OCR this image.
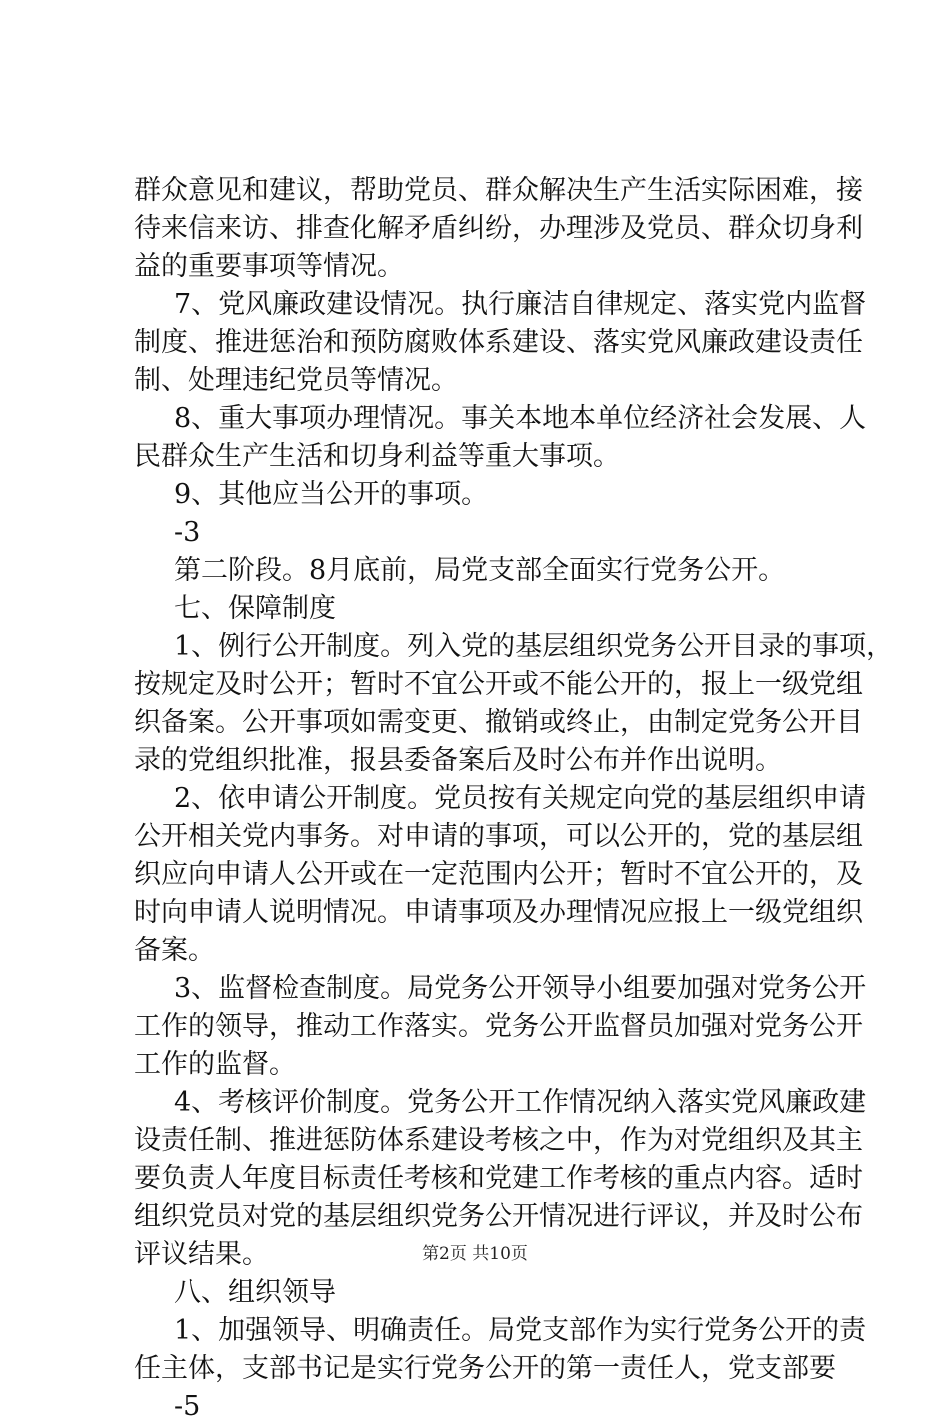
群众意见和建议，帮助党员、群众解决生产生活实际困难，接
待来信来访、排查化解矛盾纠纷，办理涉及党员、群众切身利
益的重要事项等情况。
7、党风廉政建设情况。执行廉洁自律规定、落实党内监督
制度、推进惩治和预防腐败体系建设、落实党风廉政建设责任
制、处理违纪党员等情况。
8、重大事项办理情况。事关本地本单位经济社会发展、人
民群众生产生活和切身利益等重大事项。
9、其他应当公开的事项。
-3
第二阶段。8月底前，局党支部全面实行党务公开。
七、保障制度
1、例行公开制度。列入党的基层组织党务公开目录的事项，
按规定及时公开；暂时不宜公开或不能公开的，报上一级党组
织备案。公开事项如需变更、撤销或终止，由制定党务公开目
录的党组织批准，报县委备案后及时公布并作出说明。
2、依申请公开制度。党员按有关规定向党的基层组织申请
公开相关党内事务。对申请的事项，可以公开的，党的基层组
织应向申请人公开或在一定范围内公开；暂时不宜公开的，及
时向申请人说明情况。申请事项及办理情况应报上一级党组织
备案。
3、监督检查制度。局党务公开领导小组要加强对党务公开
工作的领导，推动工作落实。党务公开监督员加强对党务公开
工作的监督。
4、考核评价制度。党务公开工作情况纳入落实党风廉政建
设责任制、推进惩防体系建设考核之中，作为对党组织及其主
要负责人年度目标责任考核和党建工作考核的重点内容。适时
组织党员对党的基层组织党务公开情况进行评议，并及时公布
评议结果。
八、组织领导
1、加强领导、明确责任。局党支部作为实行党务公开的责
任主体，支部书记是实行党务公开的第一责任人，党支部要
-5
第2页 共10页
